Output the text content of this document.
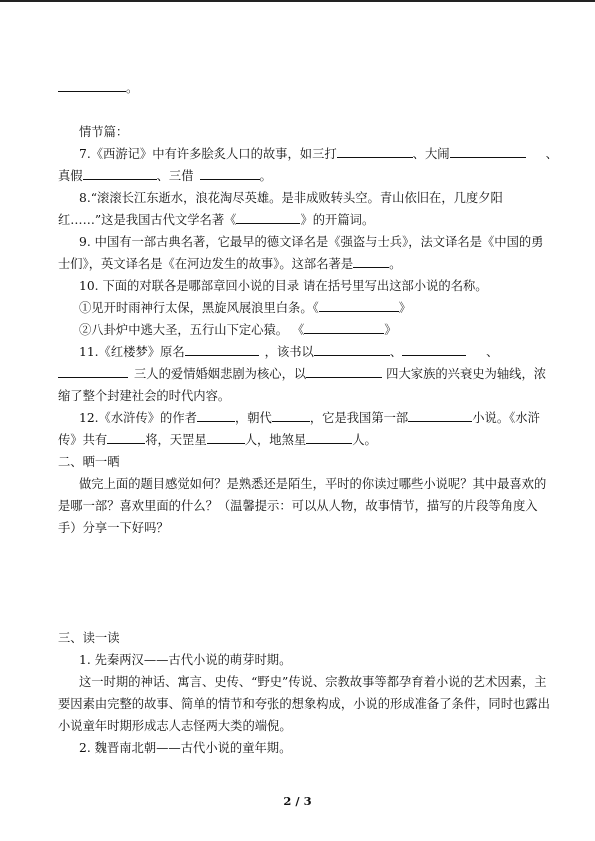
。
情节篇：
7.《西游记》中有许多脍炙人口的故事，如三打	、大闹	、
真假	、三借	。
8.“滚滚长江东逝水，浪花淘尽英雄。是非成败转头空。青山依旧在，几度夕阳
红……”这是我国古代文学名著《	》的开篇词。
9. 中国有一部古典名著，它最早的德文译名是《强盗与士兵》，法文译名是《中国的勇
士们》，英文译名是《在河边发生的故事》。这部名著是	。
10. 下面的对联各是哪部章回小说的目录 请在括号里写出这部小说的名称。
①见开时雨神行太保，黑旋风展浪里白条。《	》
②八卦炉中逃大圣，五行山下定心猿。 《	》
11.《红楼梦》原名	，该书以	、	、
三人的爱情婚姻悲剧为核心，以	四大家族的兴衰史为轴线，浓
缩了整个封建社会的时代内容。
12.《水浒传》的作者	，朝代	，它是我国第一部	小说。《水浒
传》共有	将，天罡星	人，地煞星	人。
二、晒一晒
做完上面的题目感觉如何？是熟悉还是陌生，平时的你读过哪些小说呢？其中最喜欢的
是哪一部？喜欢里面的什么？（温馨提示：可以从人物，故事情节，描写的片段等角度入
手）分享一下好吗？
三、读一读
1. 先秦两汉——古代小说的萌芽时期。
这一时期的神话、寓言、史传、“野史”传说、宗教故事等都孕育着小说的艺术因素，主
要因素由完整的故事、简单的情节和夸张的想象构成，小说的形成准备了条件，同时也露出
小说童年时期形成志人志怪两大类的端倪。
2. 魏晋南北朝——古代小说的童年期。
2 / 3
